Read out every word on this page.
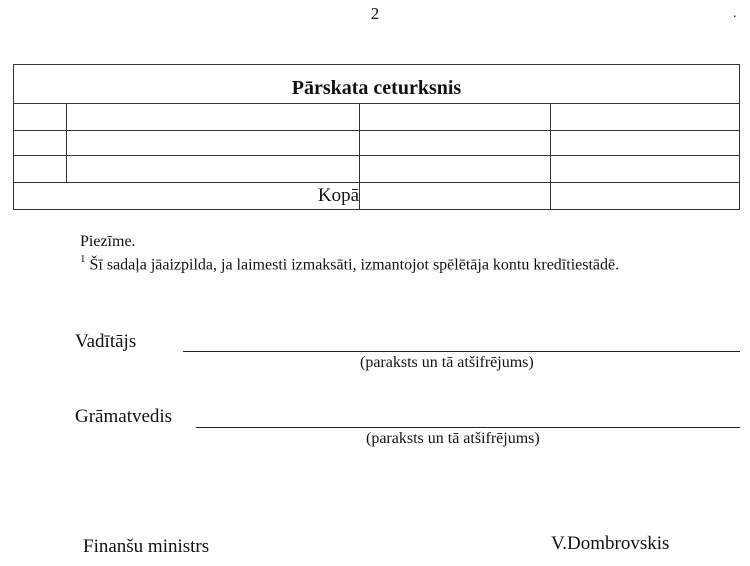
2	.
Pārskata ceturksnis
Kopā
Piezīme.
$^1$ Šī sadaļa jāaizpilda, ja laimesti izmaksāti, izmantojot spēlētāja kontu kredītiestādē.
Vadītājs
(paraksts un tā atšifrējums)
Grāmatvedis
(paraksts un tā atšifrējums)
Finanšu ministrs	V.Dombrovskis
